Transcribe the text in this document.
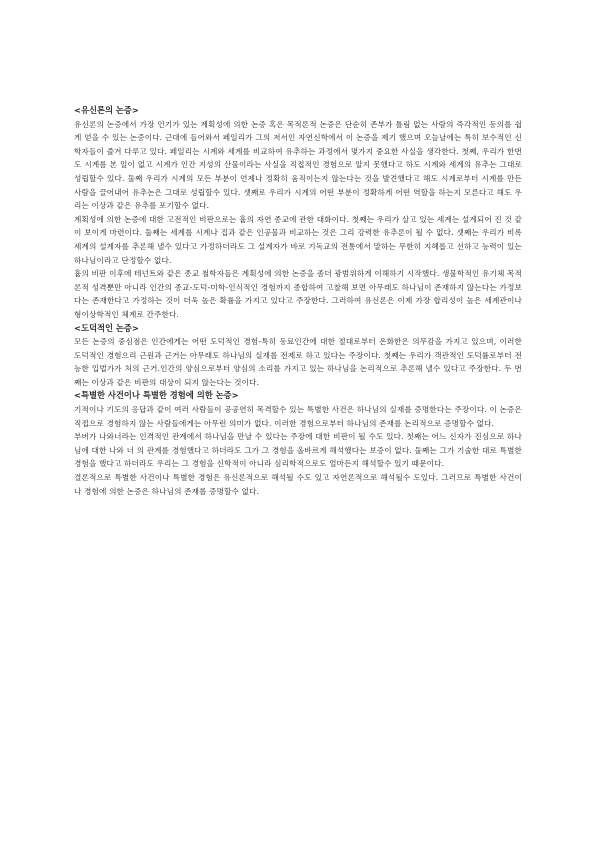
<유신론의 논증>

유신론의 논증에서 가장 인기가 있는 계획성에 의한 논증 혹은 목적론적 논증은 단순히 존부가 틀림 없는 사람의 즉각적인 동의를 쉽게 얻을 수 있는 논증이다. 근대에 들어와서 페일리가 그의 저서인 자연신학에서 이 논증을 제기 했으며 오늘날에는 특히 보수적인 신학자들이 즐겨 다루고 있다. 페일리는 시계와 세계를 비교하여 유추하는 과정에서 몇가지 중요한 사실을 생각한다. 첫째, 우리가 한번도 시계를 본 일이 없고 시계가 인간 지성의 산물이라는 사실을 직접적인 경험으로 알지 못했다고 하도 시계와 세계의 유추는 그대로 성립할수 있다. 둘째 우리가 시계의 모든 부분이 언제나 정확히 움직이는지 않는다는 것을 발견했다고 해도 시계로부터 시계를 만든 사람을 끌어내어 유추논은 그대로 성립할수 있다. 셋째로 우리가 시계의 어떤 부분이 정확하게 어떤 역할을 하는지 모른다고 해도 우리는 이상과 같은 유추를 포기할수 없다.

계획성에 의한 논증에 대한 고전적인 비판으로는 흄의 자연 종교에 관한 대화이다. 첫째는 우리가 살고 있는 세계는 설계되어 진 것 같이 보이게 마련이다. 둘째는 세계를 시계나 집과 같은 인공물과 비교하는 것은 그리 강력한 유추론이 될 수 없다. 셋째는 우리가 비록 세계의 설계자를 추론해 낼수 있다고 가정하더라도 그 설계자가 바로 기독교의 전통에서 말하는 무한히 지혜롭고 선하고 능력이 있는 하나님이라고 단정할수 없다.

흄의 비판 이후에 테넌트와 같은 종교 철학자들은 계획성에 의한 논증을 좀더 광범위하게 이해하기 시작했다. 생물학적인 유기체 목적론적 성격뿐만 아니라 인간의 종교-도덕-미학-인식적인 경험까지 종합하여 고찰해 보면 아무래도 하나님이 존재하지 않는다는 가정보다는 존재한다고 가정하는 것이 더욱 높은 확률을 가지고 있다고 주장한다. 그러하여 유신론은 이제 가장 합리성이 높은 세계관이나 형이상학적인 체계로 간주한다.

<도덕적인 논증>

모든 논증의 중심점은 인간에게는 어떤 도덕적인 경험-특히 동료인간에 대한 절대로부터 온화한은 의무감을 가지고 있으며, 이러한 도덕적인 경험으리 근원과 근거는 아무래도 하나님의 실재를 전제로 하고 있다는 주장이다. 첫째는 우리가 객관적인 도덕률로부터 전능한 입법가가 처의 근거.인간의 양심으로부터 양심의 소리를 가지고 있는 하나님을 논리적으로 추론해 낼수 있다고 주장한다. 두 번째는 이상과 같은 비판의 대상이 되지 않는다는 것이다.

<특별한 사건이나 특별한 경험에 의한 논증>

기적이나 기도의 응답과 같이 여러 사람들이 공공연히 목격할수 있는 특별한 사건은 하나님의 실재를 증명한다는 주장이다. 이 논증은 직접으로 경험하지 않는 사람들에게는 아무런 의미가 없다. 이러한 경험으로부터 하나님의 존재를 논리적으로 증명할수 없다.

부버가 나와너라는 인격적인 관계에서 하나님을 만날 수 있다는 주장에 대한 비판이 될 수도 있다. 첫째는 어느 신자가 진심으로 하나님에 대한 나와 너 의 관계를 경험했다고 하더라도 그가 그 경험을 올바르게 해석했다는 보증이 없다. 둘째는 그가 기술한 대로 특별한 경험을 했다고 하더라도 우리는 그 경험을 신학적이 아니라 심리학적으로도 얼마든지 해석할수 있기 때문이다.

결론적으로 특별한 사건이나 특별한 경험은 유신론적으로 해석될 수도 있고 자연론적으로 해석될수 도있다. 그러므로 특별한 사건이나 경험에 의한 논증은 하나님의 존재를 증명할수 없다.
